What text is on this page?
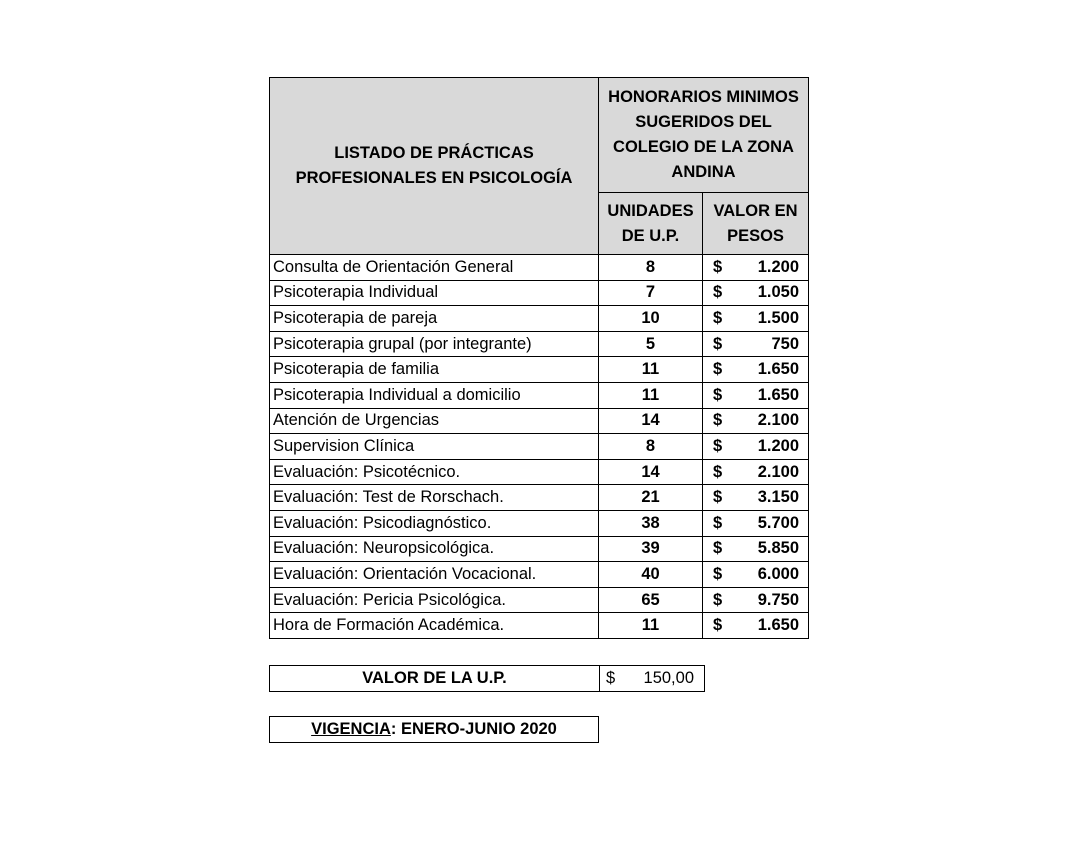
LISTADO DE PRÁCTICAS PROFESIONALES EN PSICOLOGÍA	HONORARIOS MINIMOS SUGERIDOS DEL COLEGIO DE LA ZONA ANDINA	
	UNIDADES DE U.P.	VALOR EN PESOS
Consulta de Orientación General	8	$ 1.200

Psicoterapia Individual	7	$ 1.050

Psicoterapia de pareja	10	$ 1.500

Psicoterapia grupal (por integrante)	5	$ 750

Psicoterapia de familia	11	$ 1.650

Psicoterapia Individual a domicilio	11	$ 1.650

Atención de Urgencias	14	$ 2.100

Supervision Clínica	8	$ 1.200

Evaluación: Psicotécnico.	14	$ 2.100

Evaluación: Test de Rorschach.	21	$ 3.150

Evaluación: Psicodiagnóstico.	38	$ 5.700

Evaluación: Neuropsicológica.	39	$ 5.850

Evaluación: Orientación Vocacional.	40	$ 6.000

Evaluación: Pericia Psicológica.	65	$ 9.750

Hora de Formación Académica.	11	$ 1.650
VALOR DE LA U.P.	$ 150,00
VIGENCIA : ENERO-JUNIO 2020
